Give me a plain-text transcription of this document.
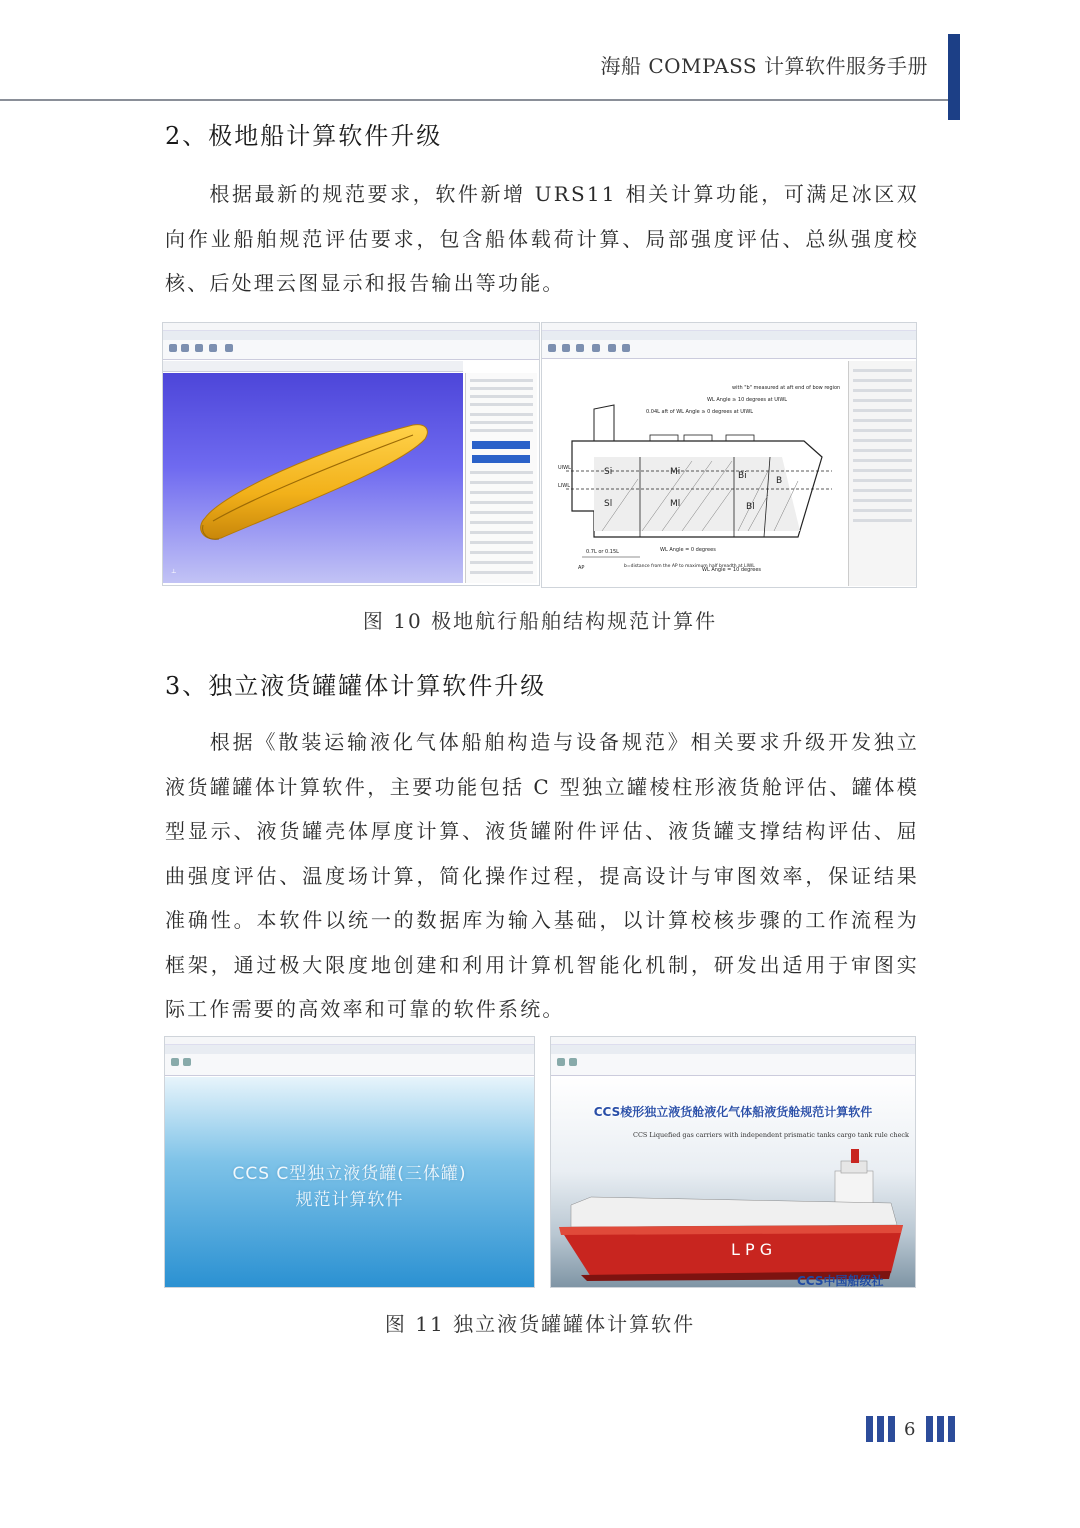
海船 COMPASS 计算软件服务手册
2、极地船计算软件升级
根据最新的规范要求，软件新增 URS11 相关计算功能，可满足冰区双向作业船舶规范评估要求，包含船体载荷计算、局部强度评估、总纵强度校核、后处理云图显示和报告输出等功能。
⊥
with "b" measured at aft end of bow region
WL Angle ≥ 10 degrees at UIWL
0.04L aft of WL Angle ≥ 0 degrees at UIWL
Si	Mi	Bi
Sl	Ml	Bl
B
UIWL
LIWL
0.7L or 0.15L
AP
WL Angle = 0 degrees
b=distance from the AP to maximum half breadth at LIWL
WL Angle = 10 degrees
图 10 极地航行船舶结构规范计算件
3、独立液货罐罐体计算软件升级
根据《散装运输液化气体船舶构造与设备规范》相关要求升级开发独立液货罐罐体计算软件，主要功能包括 C 型独立罐棱柱形液货舱评估、罐体模型显示、液货罐壳体厚度计算、液货罐附件评估、液货罐支撑结构评估、屈曲强度评估、温度场计算，简化操作过程，提高设计与审图效率，保证结果准确性。本软件以统一的数据库为输入基础，以计算校核步骤的工作流程为框架，通过极大限度地创建和利用计算机智能化机制，研发出适用于审图实际工作需要的高效率和可靠的软件系统。
CCS C型独立液货罐(三体罐)
规范计算软件
CCS棱形独立液货舱液化气体船液货舱规范计算软件
CCS Liquefied gas carriers with independent prismatic tanks cargo tank rule check
L P G
CCS中国船级社
图 11 独立液货罐罐体计算软件
6
